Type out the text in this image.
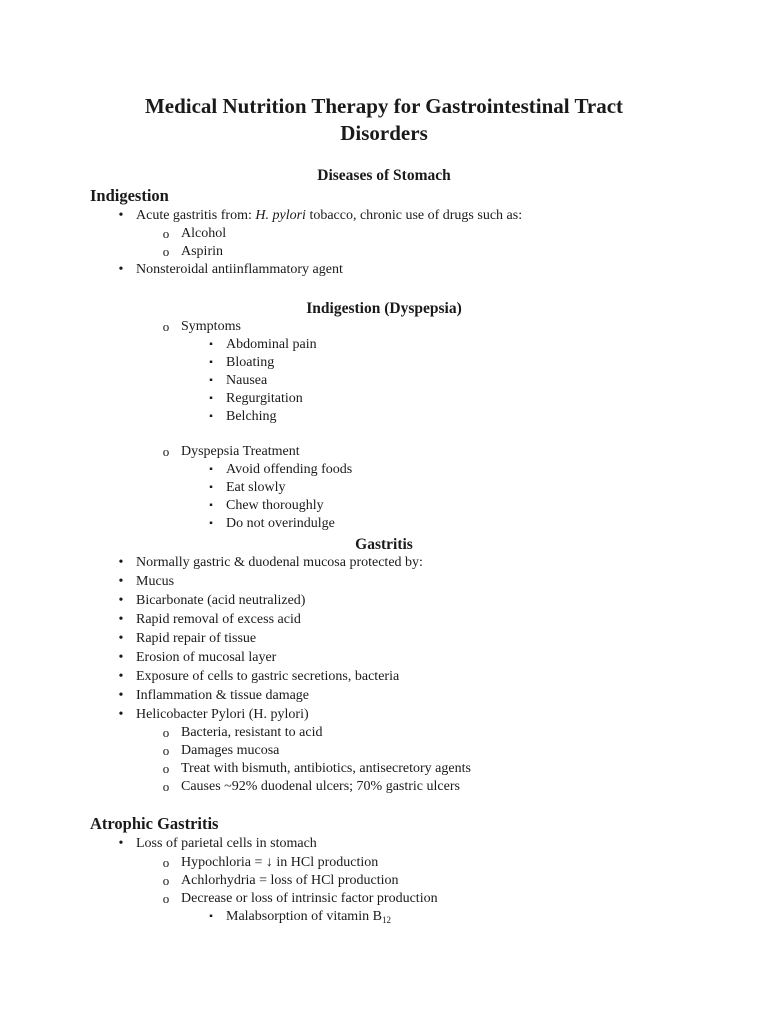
Medical Nutrition Therapy for Gastrointestinal Tract
Disorders
Diseases of Stomach
Indigestion
• Acute gastritis from: H. pylori tobacco, chronic use of drugs such as:
o Alcohol
o Aspirin
• Nonsteroidal antiinflammatory agent
Indigestion (Dyspepsia)
o Symptoms
▪ Abdominal pain
▪ Bloating
▪ Nausea
▪ Regurgitation
▪ Belching
o Dyspepsia Treatment
▪ Avoid offending foods
▪ Eat slowly
▪ Chew thoroughly
▪ Do not overindulge
Gastritis
• Normally gastric & duodenal mucosa protected by:
• Mucus
• Bicarbonate (acid neutralized)
• Rapid removal of excess acid
• Rapid repair of tissue
• Erosion of mucosal layer
• Exposure of cells to gastric secretions, bacteria
• Inflammation & tissue damage
• Helicobacter Pylori (H. pylori)
o Bacteria, resistant to acid
o Damages mucosa
o Treat with bismuth, antibiotics, antisecretory agents
o Causes ~92% duodenal ulcers; 70% gastric ulcers
Atrophic Gastritis
• Loss of parietal cells in stomach
o Hypochloria = ↓ in HCl production
o Achlorhydria = loss of HCl production
o Decrease or loss of intrinsic factor production
▪ Malabsorption of vitamin $B_{12}$
